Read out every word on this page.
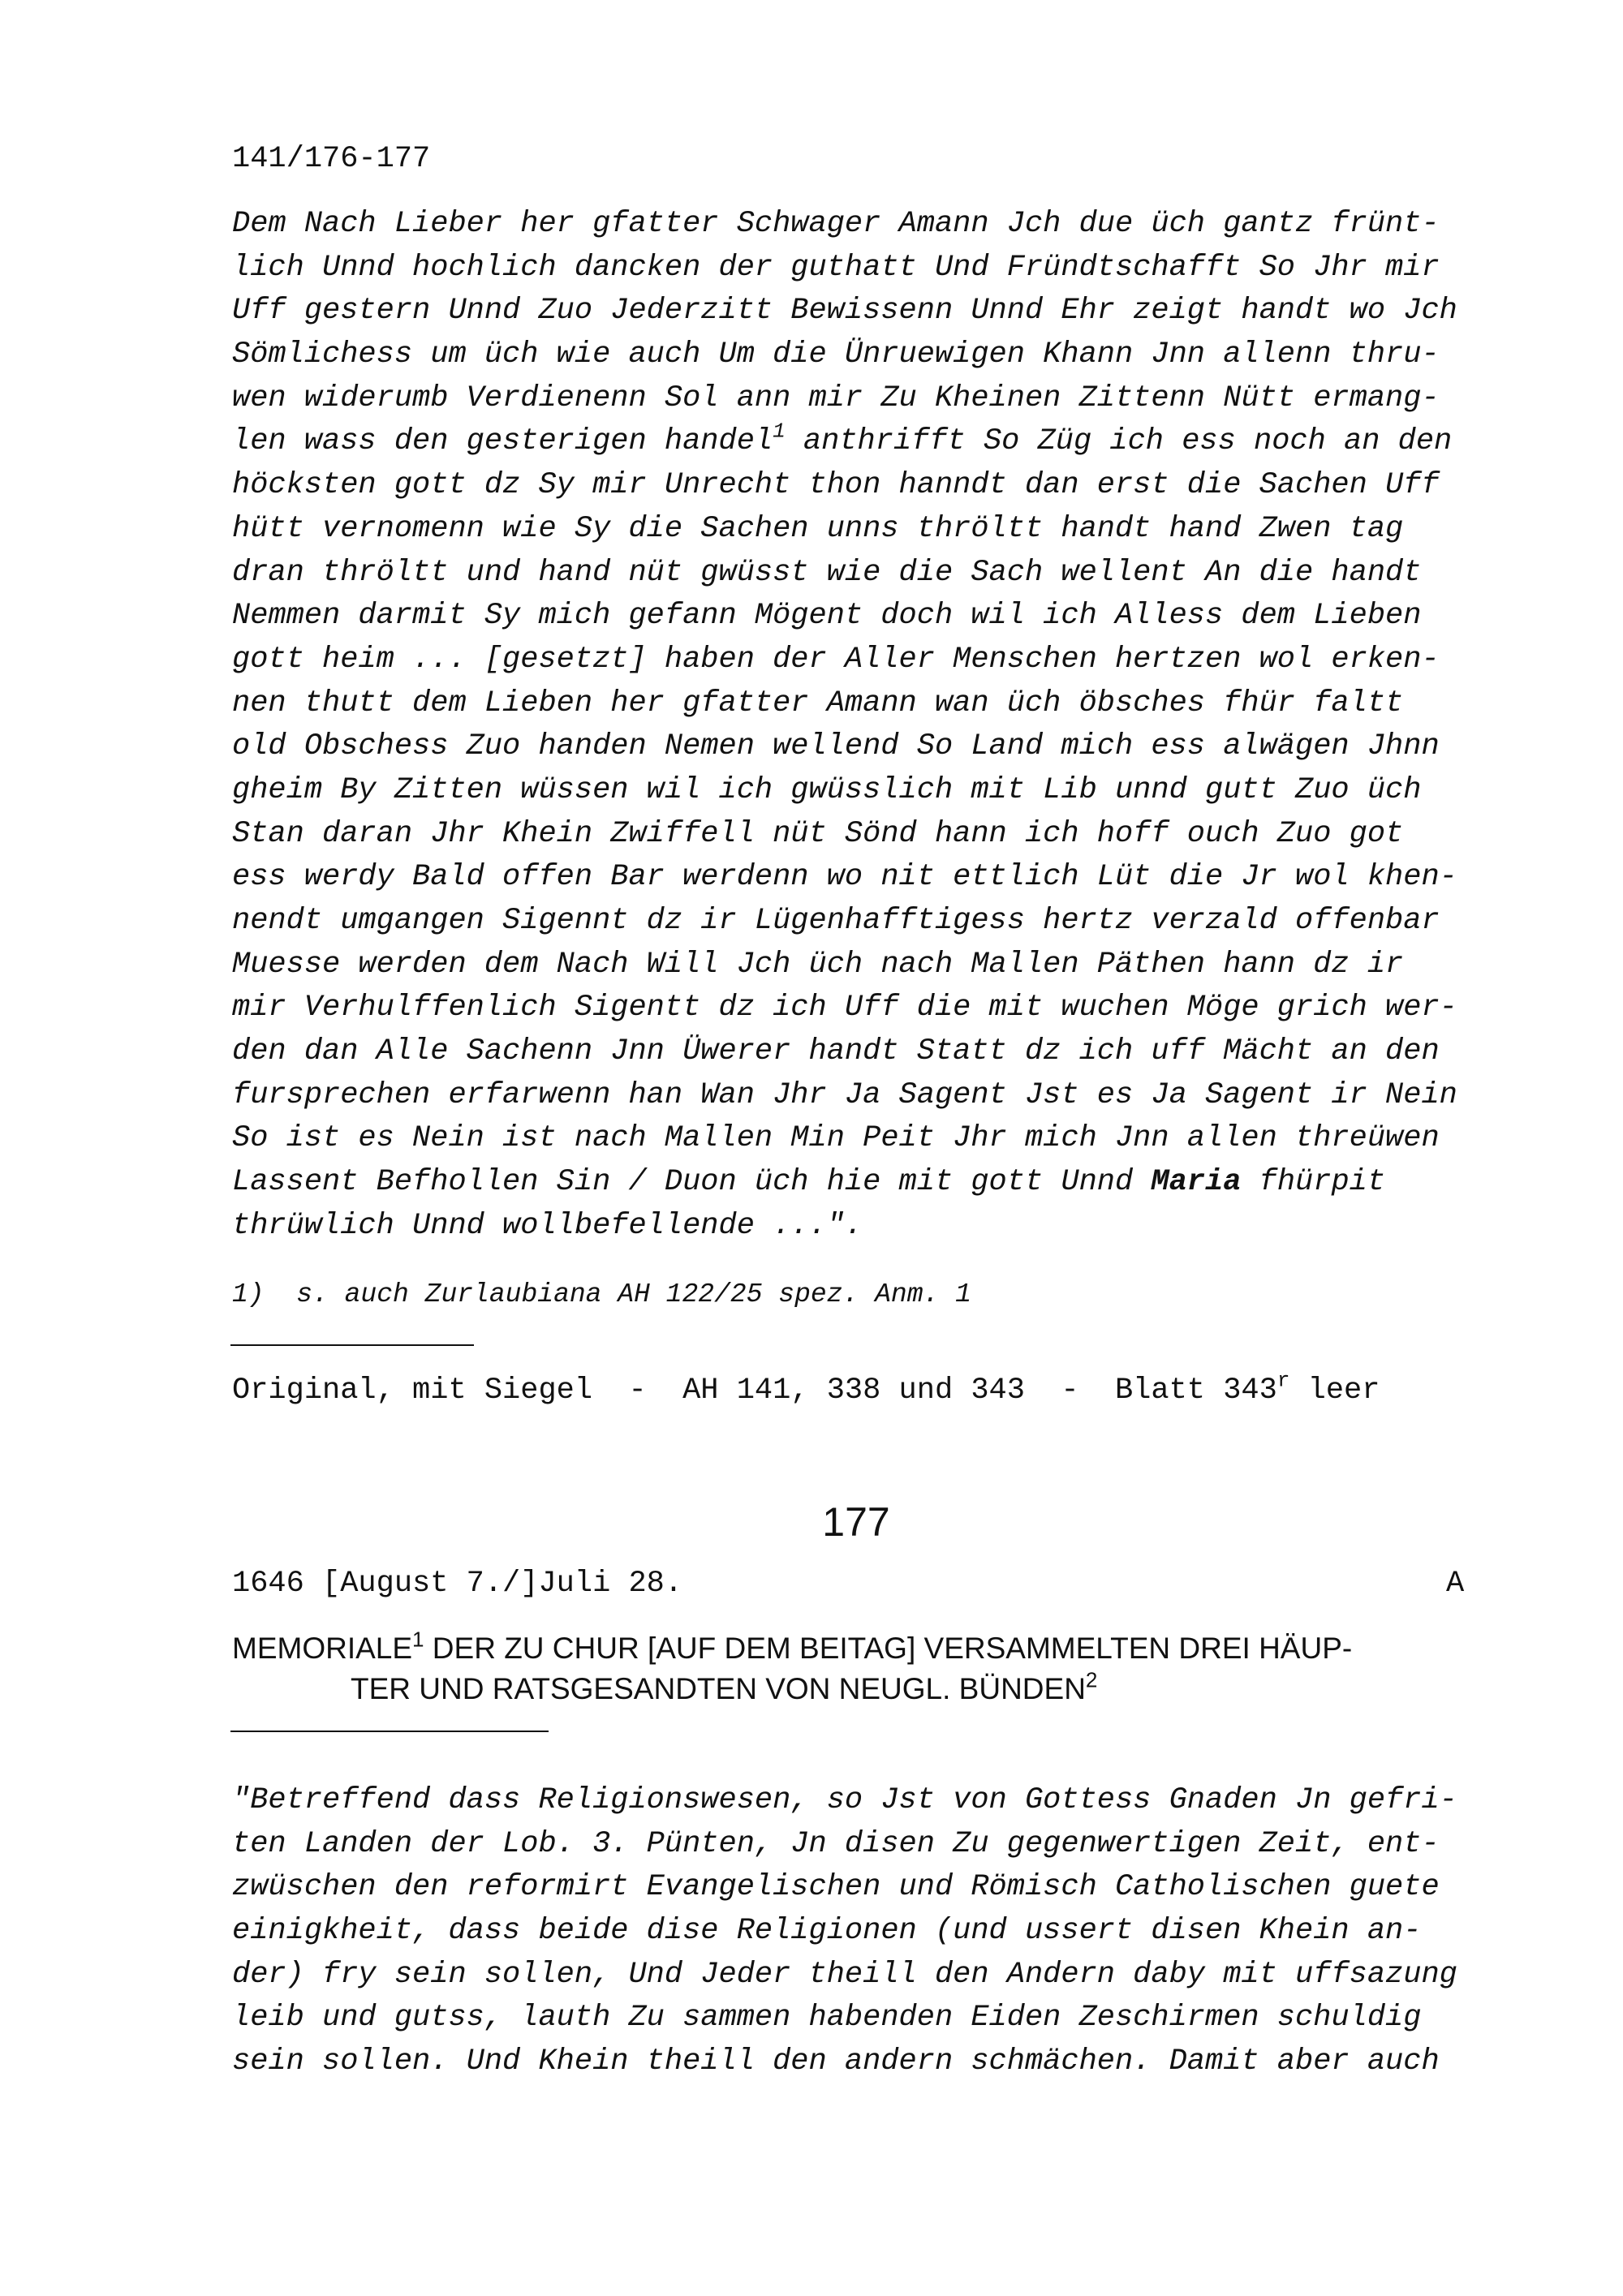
141/176-177
Dem Nach Lieber her gfatter Schwager Amann Jch due üch gantz frünt-
lich Unnd hochlich dancken der guthatt Und Fründtschafft So Jhr mir
Uff gestern Unnd Zuo Jederzitt Bewissenn Unnd Ehr zeigt handt wo Jch
Sömlichess um üch wie auch Um die Ünruewigen Khann Jnn allenn thru-
wen widerumb Verdienenn Sol ann mir Zu Kheinen Zittenn Nütt ermang-
len wass den gesterigen handel$^1$ anthrifft So Züg ich ess noch an den
höcksten gott dz Sy mir Unrecht thon hanndt dan erst die Sachen Uff
hütt vernomenn wie Sy die Sachen unns thröltt handt hand Zwen tag
dran thröltt und hand nüt gwüsst wie die Sach wellent An die handt
Nemmen darmit Sy mich gefann Mögent doch wil ich Alless dem Lieben
gott heim ... [gesetzt] haben der Aller Menschen hertzen wol erken-
nen thutt dem Lieben her gfatter Amann wan üch öbsches fhür faltt
old Obschess Zuo handen Nemen wellend So Land mich ess alwägen Jhnn
gheim By Zitten wüssen wil ich gwüsslich mit Lib unnd gutt Zuo üch
Stan daran Jhr Khein Zwiffell nüt Sönd hann ich hoff ouch Zuo got
ess werdy Bald offen Bar werdenn wo nit ettlich Lüt die Jr wol khen-
nendt umgangen Sigennt dz ir Lügenhafftigess hertz verzald offenbar
Muesse werden dem Nach Will Jch üch nach Mallen Päthen hann dz ir
mir Verhulffenlich Sigentt dz ich Uff die mit wuchen Möge grich wer-
den dan Alle Sachenn Jnn Üwerer handt Statt dz ich uff Mächt an den
fursprechen erfarwenn han Wan Jhr Ja Sagent Jst es Ja Sagent ir Nein
So ist es Nein ist nach Mallen Min Peit Jhr mich Jnn allen threüwen
Lassent Befhollen Sin / Duon üch hie mit gott Unnd Maria fhürpit
thrüwlich Unnd wollbefellende ...".
1)  s. auch Zurlaubiana AH 122/25 spez. Anm. 1
Original, mit Siegel  -  AH 141, 338 und 343  -  Blatt 343$^r$ leer
177
1646 [August 7./]Juli 28.	A
MEMORIALE$^1$ DER ZU CHUR [AUF DEM BEITAG] VERSAMMELTEN DREI HÄUP-
TER UND RATSGESANDTEN VON NEUGL. BÜNDEN$^2$
"Betreffend dass Religionswesen, so Jst von Gottess Gnaden Jn gefri-
ten Landen der Lob. 3. Pünten, Jn disen Zu gegenwertigen Zeit, ent-
zwüschen den reformirt Evangelischen und Römisch Catholischen guete
einigkheit, dass beide dise Religionen (und ussert disen Khein an-
der) fry sein sollen, Und Jeder theill den Andern daby mit uffsazung
leib und gutss, lauth Zu sammen habenden Eiden Zeschirmen schuldig
sein sollen. Und Khein theill den andern schmächen. Damit aber auch
